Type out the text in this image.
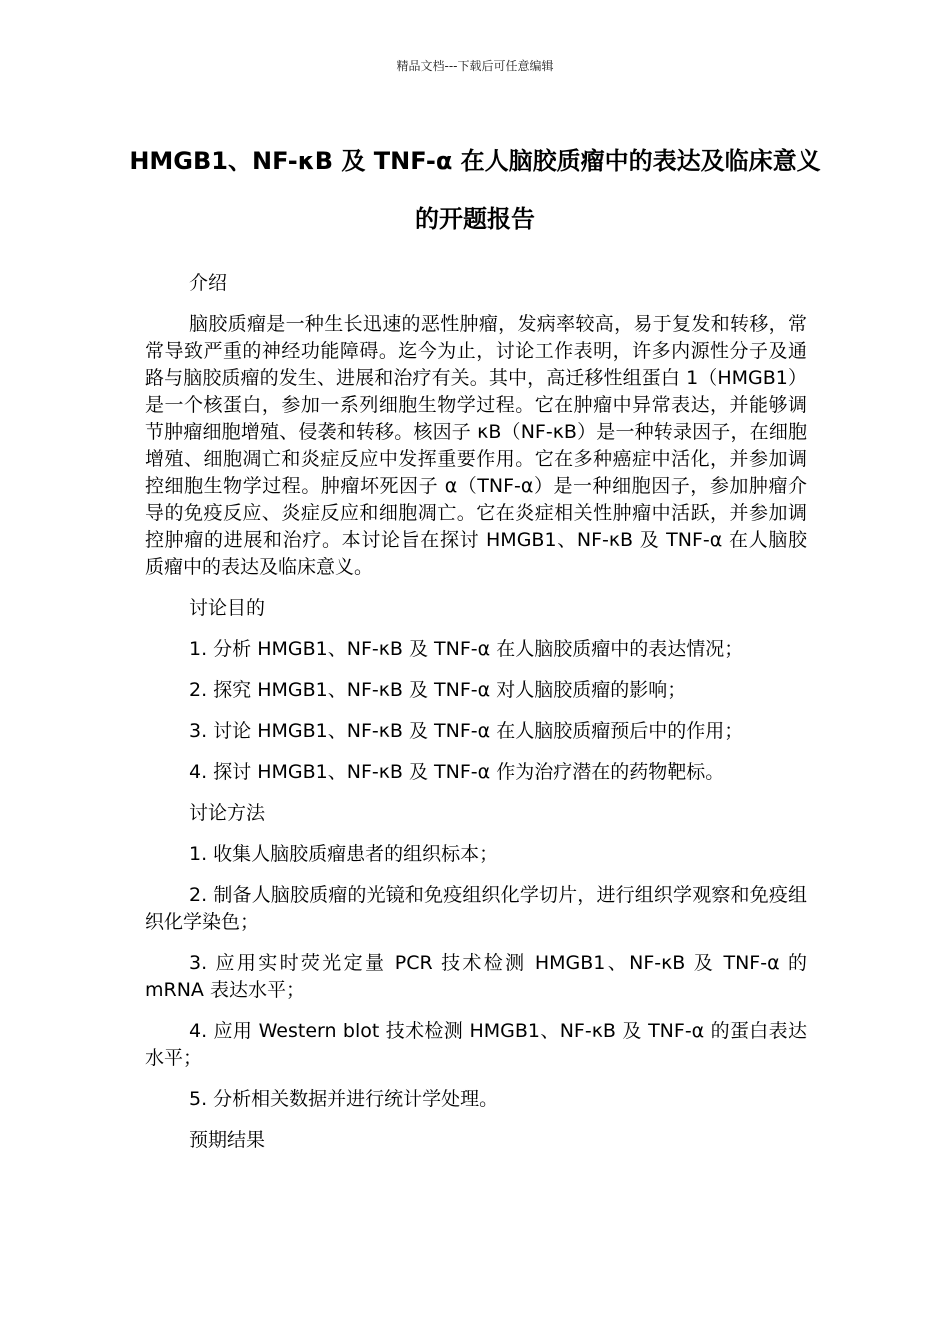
精品文档---下载后可任意编辑
HMGB1、NF-κB 及 TNF-α 在人脑胶质瘤中的表达及临床意义的开题报告

介绍

脑胶质瘤是一种生长迅速的恶性肿瘤，发病率较高，易于复发和转移，常常导致严重的神经功能障碍。迄今为止，讨论工作表明，许多内源性分子及通路与脑胶质瘤的发生、进展和治疗有关。其中，高迁移性组蛋白 1（HMGB1）是一个核蛋白，参加一系列细胞生物学过程。它在肿瘤中异常表达，并能够调节肿瘤细胞增殖、侵袭和转移。核因子 κB（NF-κB）是一种转录因子，在细胞增殖、细胞凋亡和炎症反应中发挥重要作用。它在多种癌症中活化，并参加调控细胞生物学过程。肿瘤坏死因子 α（TNF-α）是一种细胞因子，参加肿瘤介导的免疫反应、炎症反应和细胞凋亡。它在炎症相关性肿瘤中活跃，并参加调控肿瘤的进展和治疗。本讨论旨在探讨 HMGB1、NF-κB 及 TNF-α 在人脑胶质瘤中的表达及临床意义。

讨论目的

1. 分析 HMGB1、NF-κB 及 TNF-α 在人脑胶质瘤中的表达情况；

2. 探究 HMGB1、NF-κB 及 TNF-α 对人脑胶质瘤的影响；

3. 讨论 HMGB1、NF-κB 及 TNF-α 在人脑胶质瘤预后中的作用；

4. 探讨 HMGB1、NF-κB 及 TNF-α 作为治疗潜在的药物靶标。

讨论方法

1. 收集人脑胶质瘤患者的组织标本；

2. 制备人脑胶质瘤的光镜和免疫组织化学切片，进行组织学观察和免疫组织化学染色；

3. 应用实时荧光定量 PCR 技术检测 HMGB1、NF-κB 及 TNF-α 的 mRNA 表达水平；

4. 应用 Western blot 技术检测 HMGB1、NF-κB 及 TNF-α 的蛋白表达水平；

5. 分析相关数据并进行统计学处理。

预期结果
